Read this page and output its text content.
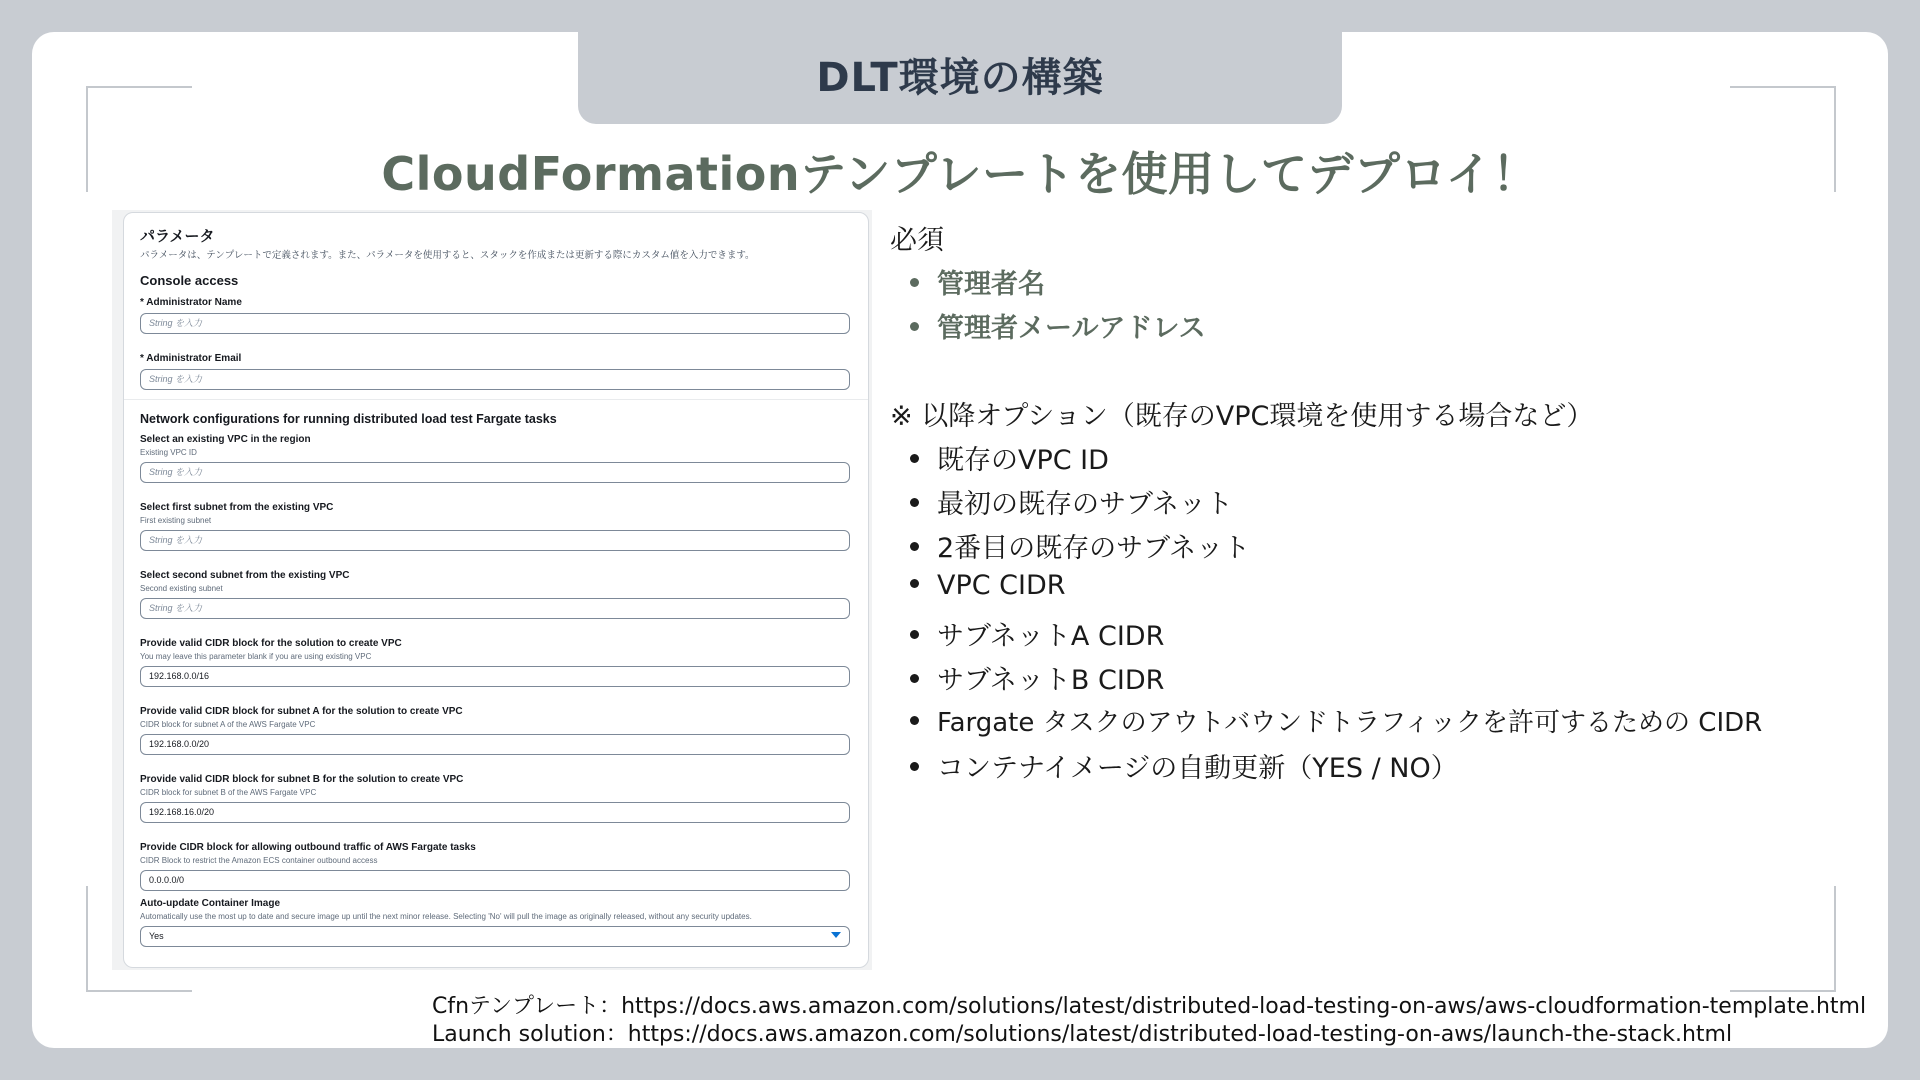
DLT環境の構築
CloudFormationテンプレートを使用してデプロイ！
パラメータ
パラメータは、テンプレートで定義されます。また、パラメータを使用すると、スタックを作成または更新する際にカスタム値を入力できます。
Console access
* Administrator Name
String を入力
* Administrator Email
String を入力
Network configurations for running distributed load test Fargate tasks
Select an existing VPC in the region
Existing VPC ID
String を入力
Select first subnet from the existing VPC
First existing subnet
String を入力
Select second subnet from the existing VPC
Second existing subnet
String を入力
Provide valid CIDR block for the solution to create VPC
You may leave this parameter blank if you are using existing VPC
192.168.0.0/16
Provide valid CIDR block for subnet A for the solution to create VPC
CIDR block for subnet A of the AWS Fargate VPC
192.168.0.0/20
Provide valid CIDR block for subnet B for the solution to create VPC
CIDR block for subnet B of the AWS Fargate VPC
192.168.16.0/20
Provide CIDR block for allowing outbound traffic of AWS Fargate tasks
CIDR Block to restrict the Amazon ECS container outbound access
0.0.0.0/0
Auto-update Container Image
Automatically use the most up to date and secure image up until the next minor release. Selecting 'No' will pull the image as originally released, without any security updates.
Yes
必須
管理者名
管理者メールアドレス
※ 以降オプション（既存のVPC環境を使用する場合など）
既存のVPC ID
最初の既存のサブネット
2番目の既存のサブネット
VPC CIDR
サブネットA CIDR
サブネットB CIDR
Fargate タスクのアウトバウンドトラフィックを許可するための CIDR
コンテナイメージの自動更新（YES / NO）
Cfnテンプレート：https://docs.aws.amazon.com/solutions/latest/distributed-load-testing-on-aws/aws-cloudformation-template.html
Launch solution：https://docs.aws.amazon.com/solutions/latest/distributed-load-testing-on-aws/launch-the-stack.html
